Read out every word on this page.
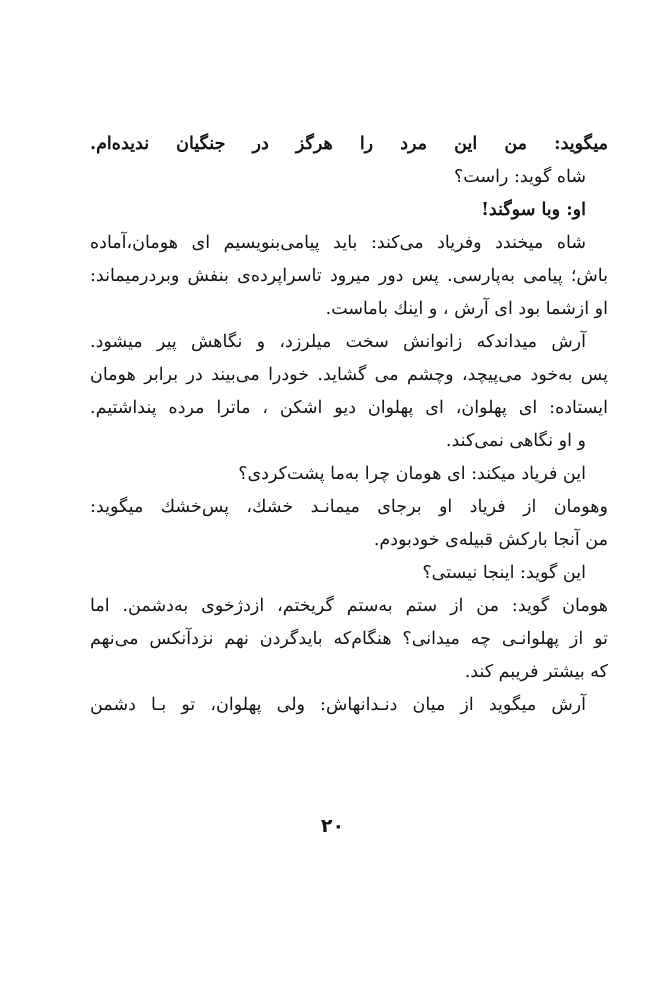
میگوید: من این مرد را هرگز در جنگیان ندیده‌ام.
شاه گوید: راست؟
او: وبا سوگند!
شاه میخندد وفریاد می‌کند: باید پیامی‌بنویسیم ای هومان،آماده
باش؛ پیامی به‌پارسی. پس دور میرود تاسراپرده‌ی بنفش وبردرمیماند:
او ازشما بود ای آرش ، و اینك باماست.
آرش میداندکه زانوانش سخت میلرزد، و نگاهش پیر میشود.
پس به‌خود می‌پیچد، وچشم می گشاید. خودرا می‌بیند در برابر هومان
ایستاده: ای پهلوان، ای پهلوان دیو اشکن ، ماترا مرده پنداشتیم.
و او نگاهی نمی‌کند.
این فریاد میکند: ای هومان چرا به‌ما پشت‌کردی؟
وهومان از فریاد او برجای میمانـد خشك، پس‌خشك میگوید:
من آنجا بارکش قبیله‌ی خودبودم.
این گوید: اینجا نیستی؟
هومان گوید: من از ستم به‌ستم گریختم، ازدژخوی به‌دشمن. اما
تو از پهلوانـی چه میدانی؟ هنگام‌که بایدگردن نهم نزدآنکس می‌نهم
که بیشتر فریبم کند.
آرش میگوید از میان دنـدانهاش: ولی پهلوان، تو بـا دشمن
۲۰
